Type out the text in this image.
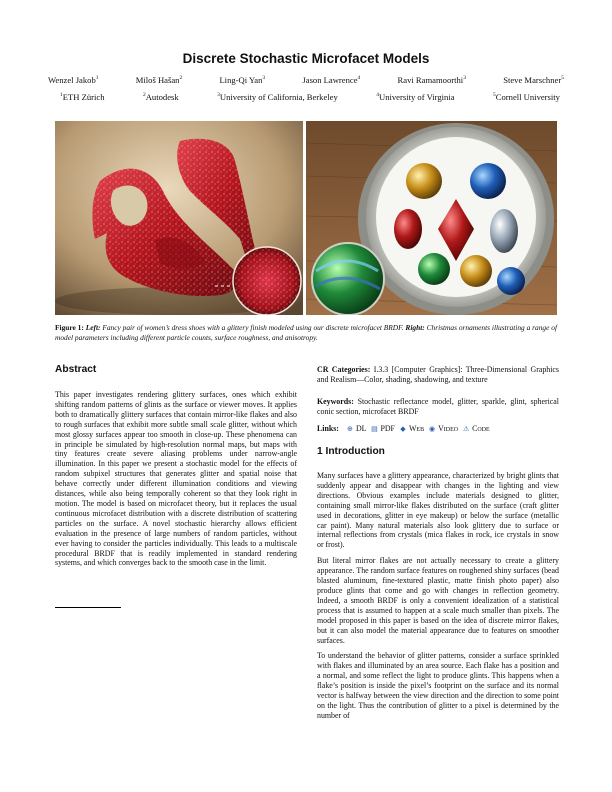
Discrete Stochastic Microfacet Models
Wenzel Jakob$^1$	Miloš Hašan$^2$	Ling-Qi Yan$^3$	Jason Lawrence$^4$	Ravi Ramamoorthi$^3$	Steve Marschner$^5$
$^1$ETH Zürich	$^2$Autodesk	$^3$University of California, Berkeley	$^4$University of Virginia	$^5$Cornell University
Figure 1: Left: Fancy pair of women’s dress shoes with a glittery finish modeled using our discrete microfacet BRDF. Right: Christmas ornaments illustrating a range of model parameters including different particle counts, surface roughness, and anisotropy.
Abstract
This paper investigates rendering glittery surfaces, ones which exhibit shifting random patterns of glints as the surface or viewer moves. It applies both to dramatically glittery surfaces that contain mirror-like flakes and also to rough surfaces that exhibit more subtle small scale glitter, without which most glossy surfaces appear too smooth in close-up. These phenomena can in principle be simulated by high-resolution normal maps, but maps with tiny features create severe aliasing problems under narrow-angle illumination. In this paper we present a stochastic model for the effects of random subpixel structures that generates glitter and spatial noise that behave correctly under different illumination conditions and viewing distances, while also being temporally coherent so that they look right in motion. The model is based on microfacet theory, but it replaces the usual continuous microfacet distribution with a discrete distribution of scattering particles on the surface. A novel stochastic hierarchy allows efficient evaluation in the presence of large numbers of random particles, without ever having to consider the particles individually. This leads to a multiscale procedural BRDF that is readily implemented in standard rendering systems, and which converges back to the smooth case in the limit.
CR Categories: I.3.3 [Computer Graphics]: Three-Dimensional Graphics and Realism—Color, shading, shadowing, and texture
Keywords: Stochastic reflectance model, glitter, sparkle, glint, spherical conic section, microfacet BRDF
Links: ⊕ DL ▤ PDF ◆ Web ◉ Video ⚠ Code
1 Introduction

Many surfaces have a glittery appearance, characterized by bright glints that suddenly appear and disappear with changes in the lighting and view directions. Obvious examples include materials designed to glitter, containing small mirror-like flakes distributed on the surface (craft glitter used in decorations, glitter in eye makeup) or below the surface (metallic car paint). Many natural materials also look glittery due to surface or internal reflections from crystals (mica flakes in rock, ice crystals in snow or frost).

But literal mirror flakes are not actually necessary to create a glittery appearance. The random surface features on roughened shiny surfaces (bead blasted aluminum, fine-textured plastic, matte finish photo paper) also produce glints that come and go with changes in reflection geometry. Indeed, a smooth BRDF is only a convenient idealization of a statistical process that is assumed to happen at a scale much smaller than pixels. The model proposed in this paper is based on the idea of discrete mirror flakes, but it can also model the material appearance due to features on smoother surfaces.

To understand the behavior of glitter patterns, consider a surface sprinkled with flakes and illuminated by an area source. Each flake has a position and a normal, and some reflect the light to produce glints. This happens when a flake’s position is inside the pixel’s footprint on the surface and its normal vector is halfway between the view direction and the direction to some point on the light. Thus the contribution of glitter to a pixel is determined by the number of
